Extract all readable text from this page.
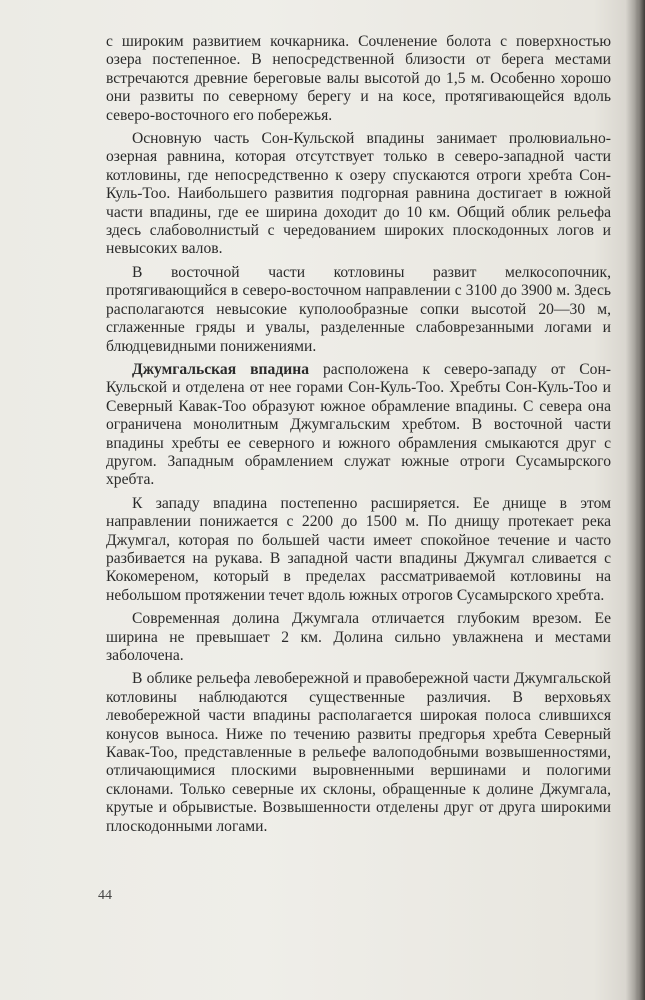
с широким развитием кочкарника. Сочленение болота с поверхностью озера постепенное. В непосредственной близости от берега местами встречаются древние береговые валы высотой до 1,5 м. Особенно хорошо они развиты по северному берегу и на косе, протягивающейся вдоль северо-восточного его побережья.

Основную часть Сон-Кульской впадины занимает пролювиально-озерная равнина, которая отсутствует только в северо-западной части котловины, где непосредственно к озеру спускаются отроги хребта Сон-Куль-Тоо. Наибольшего развития подгорная равнина достигает в южной части впадины, где ее ширина доходит до 10 км. Общий облик рельефа здесь слабоволнистый с чередованием широких плоскодонных логов и невысоких валов.

В восточной части котловины развит мелкосопочник, протягивающийся в северо-восточном направлении с 3100 до 3900 м. Здесь располагаются невысокие куполообразные сопки высотой 20—30 м, сглаженные гряды и увалы, разделенные слабоврезанными логами и блюдцевидными понижениями.

Джумгальская впадина расположена к северо-западу от Сон-Кульской и отделена от нее горами Сон-Куль-Тоо. Хребты Сон-Куль-Тоо и Северный Кавак-Тоо образуют южное обрамление впадины. С севера она ограничена монолитным Джумгальским хребтом. В восточной части впадины хребты ее северного и южного обрамления смыкаются друг с другом. Западным обрамлением служат южные отроги Сусамырского хребта.

К западу впадина постепенно расширяется. Ее днище в этом направлении понижается с 2200 до 1500 м. По днищу протекает река Джумгал, которая по большей части имеет спокойное течение и часто разбивается на рукава. В западной части впадины Джумгал сливается с Кокомереном, который в пределах рассматриваемой котловины на небольшом протяжении течет вдоль южных отрогов Сусамырского хребта.

Современная долина Джумгала отличается глубоким врезом. Ее ширина не превышает 2 км. Долина сильно увлажнена и местами заболочена.

В облике рельефа левобережной и правобережной части Джумгальской котловины наблюдаются существенные различия. В верховьях левобережной части впадины располагается широкая полоса слившихся конусов выноса. Ниже по течению развиты предгорья хребта Северный Кавак-Тоо, представленные в рельефе валоподобными возвышенностями, отличающимися плоскими выровненными вершинами и пологими склонами. Только северные их склоны, обращенные к долине Джумгала, крутые и обрывистые. Возвышенности отделены друг от друга широкими плоскодонными логами.

44
